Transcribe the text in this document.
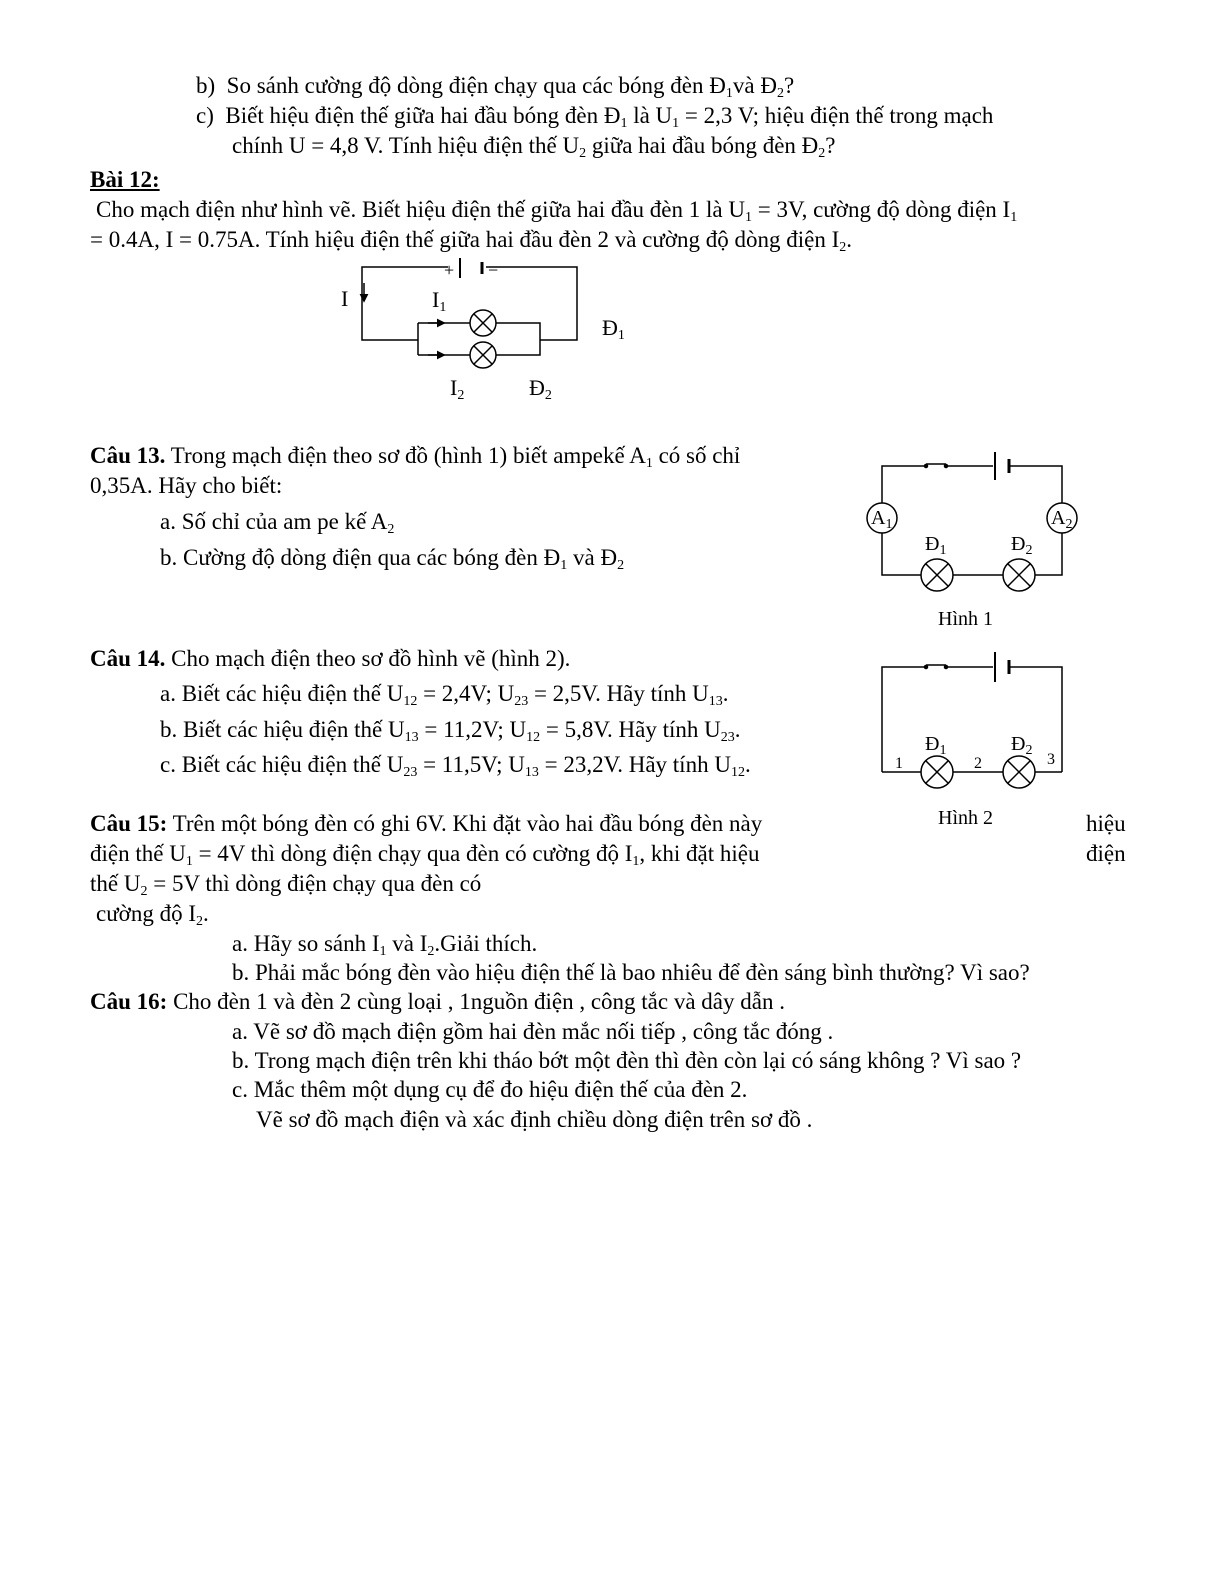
b) So sánh cường độ dòng điện chạy qua các bóng đèn $Đ_1và$ $Đ_2$?
c) Biết hiệu điện thế giữa hai đầu bóng đèn $Đ_1$ là $U_1 = 2,3$ V; hiệu điện thế trong mạch
chính U = 4,8 V. Tính hiệu điện thế $U_2$ giữa hai đầu bóng đèn $Đ_2$?
Bài 12:
Cho mạch điện như hình vẽ. Biết hiệu điện thế giữa hai đầu đèn 1 là $U_1 = 3V$, cường độ dòng điện $I_1$
= 0.4A, I = 0.75A. Tính hiệu điện thế giữa hai đầu đèn 2 và cường độ dòng điện $I_2$.
Câu 13. Trong mạch điện theo sơ đồ (hình 1) biết ampekế $A_1$ có số chỉ
0,35A. Hãy cho biết:
a. Số chỉ của am pe kế $A_2$
b. Cường độ dòng điện qua các bóng đèn $Đ_1$ và $Đ_2$
Câu 14. Cho mạch điện theo sơ đồ hình vẽ (hình 2).
a. Biết các hiệu điện thế $U_{12} = 2,4V$; $U_{23} = 2,5V$. Hãy tính $U_{13}$.
b. Biết các hiệu điện thế $U_{13} = 11,2V$; $U_{12} = 5,8V$. Hãy tính $U_{23}$.
c. Biết các hiệu điện thế $U_{23} = 11,5V$; $U_{13} = 23,2V$. Hãy tính $U_{12}$.
Câu 15: Trên một bóng đèn có ghi 6V. Khi đặt vào hai đầu bóng đèn này	hiệu
điện thế $U_1 = 4V$ thì dòng điện chạy qua đèn có cường độ $I_1$, khi đặt hiệu	điện
thế $U_2 = 5V$ thì dòng điện chạy qua đèn có
cường độ $I_2$.
a. Hãy so sánh $I_1$ và $I_2.Giải$ thích.
b. Phải mắc bóng đèn vào hiệu điện thế là bao nhiêu để đèn sáng bình thường? Vì sao?
Câu 16: Cho đèn 1 và đèn 2 cùng loại , 1nguồn điện , công tắc và dây dẫn .
a. Vẽ sơ đồ mạch điện gồm hai đèn mắc nối tiếp , công tắc đóng .
b. Trong mạch điện trên khi tháo bớt một đèn thì đèn còn lại có sáng không ? Vì sao ?
c. Mắc thêm một dụng cụ để đo hiệu điện thế của đèn 2.
Vẽ sơ đồ mạch điện và xác định chiều dòng điện trên sơ đồ .
+ −
I	$I_1$
$Đ_1$
$I_2$	$Đ_2$
$A_1$	$A_2$
$Đ_1$	$Đ_2$
Hình 1
$Đ_1$	$Đ_2$
1	2	3
Hình 2
